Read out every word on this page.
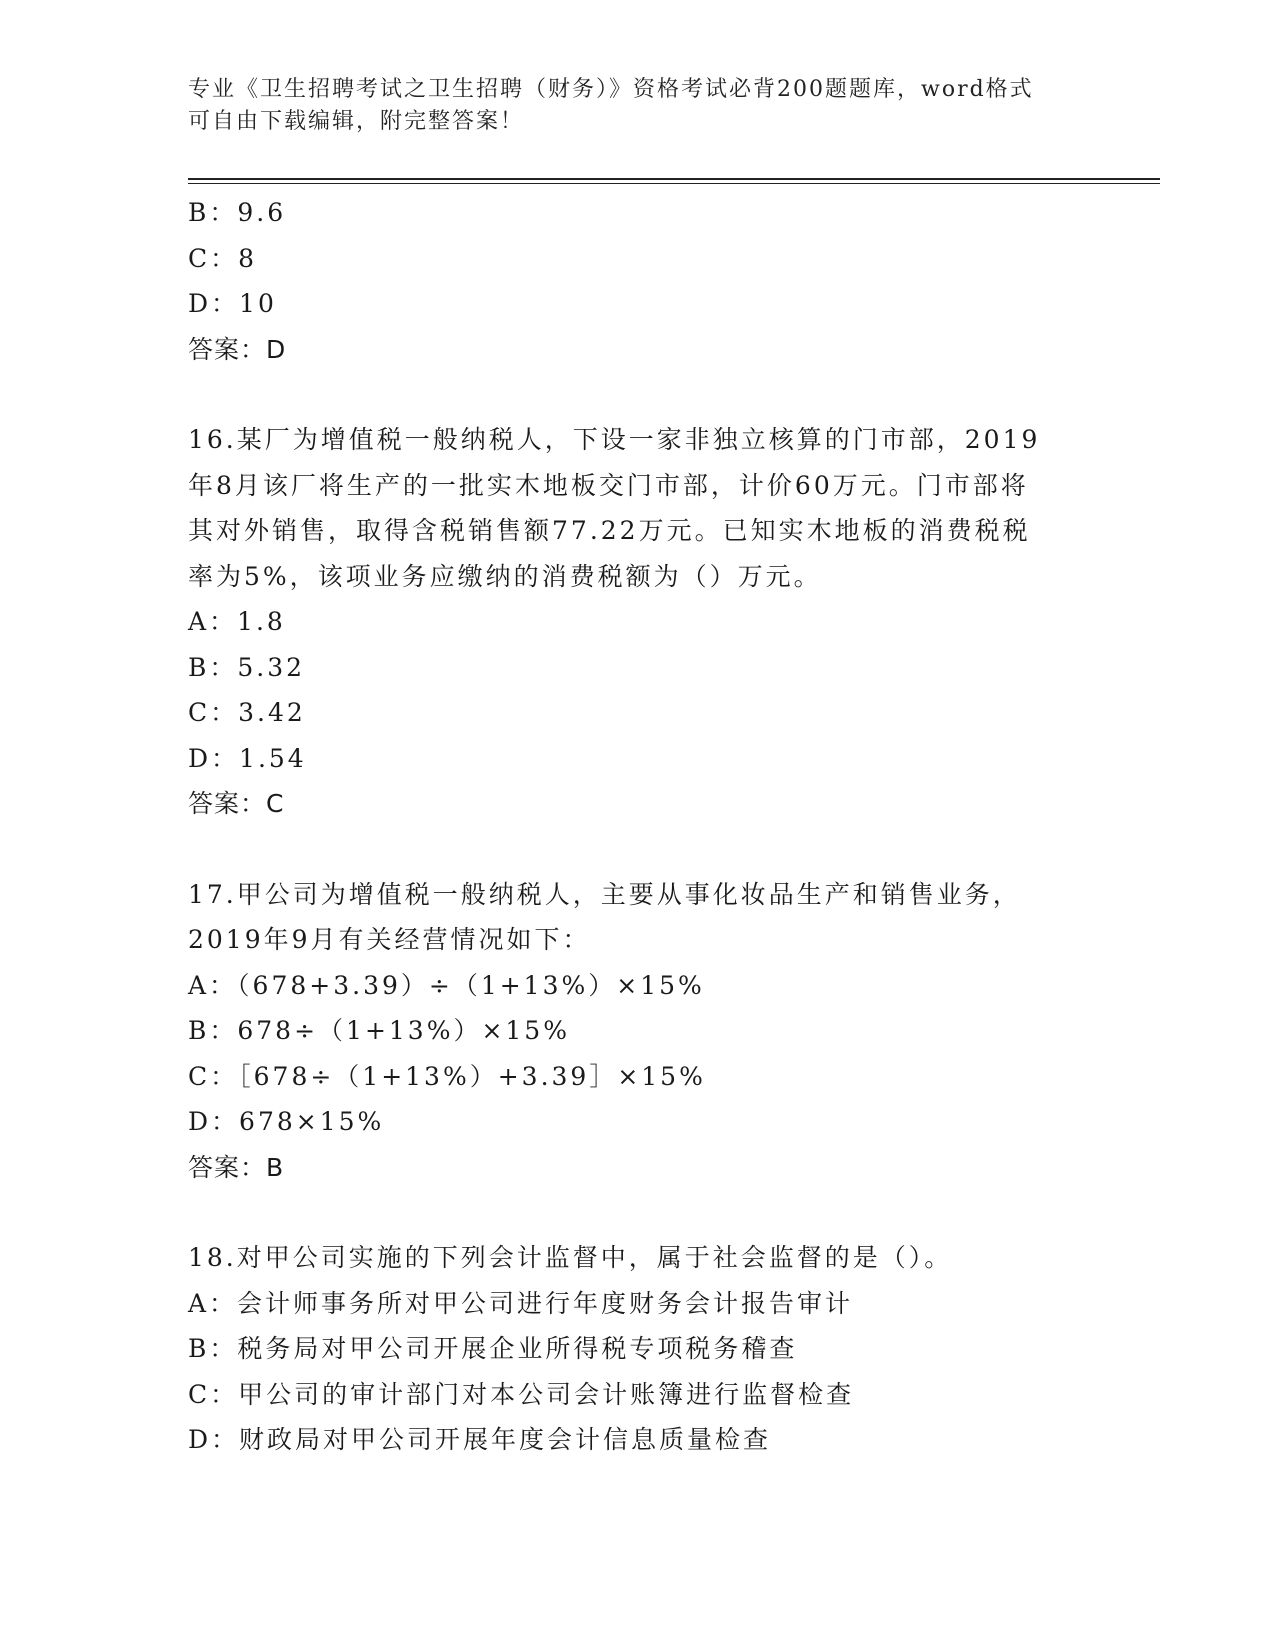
专业《卫生招聘考试之卫生招聘（财务）》资格考试必背200题题库，word格式
可自由下载编辑，附完整答案！
B：9.6
C：8
D：10
答案：D
16.某厂为增值税一般纳税人，下设一家非独立核算的门市部，2019
年8月该厂将生产的一批实木地板交门市部，计价60万元。门市部将
其对外销售，取得含税销售额77.22万元。已知实木地板的消费税税
率为5%，该项业务应缴纳的消费税额为（）万元。
A：1.8
B：5.32
C：3.42
D：1.54
答案：C
17.甲公司为增值税一般纳税人，主要从事化妆品生产和销售业务，
2019年9月有关经营情况如下：
A：（678+3.39）÷（1+13%）×15%
B：678÷（1+13%）×15%
C：［678÷（1+13%）+3.39］×15%
D：678×15%
答案：B
18.对甲公司实施的下列会计监督中，属于社会监督的是（）。
A：会计师事务所对甲公司进行年度财务会计报告审计
B：税务局对甲公司开展企业所得税专项税务稽查
C：甲公司的审计部门对本公司会计账簿进行监督检查
D：财政局对甲公司开展年度会计信息质量检查
